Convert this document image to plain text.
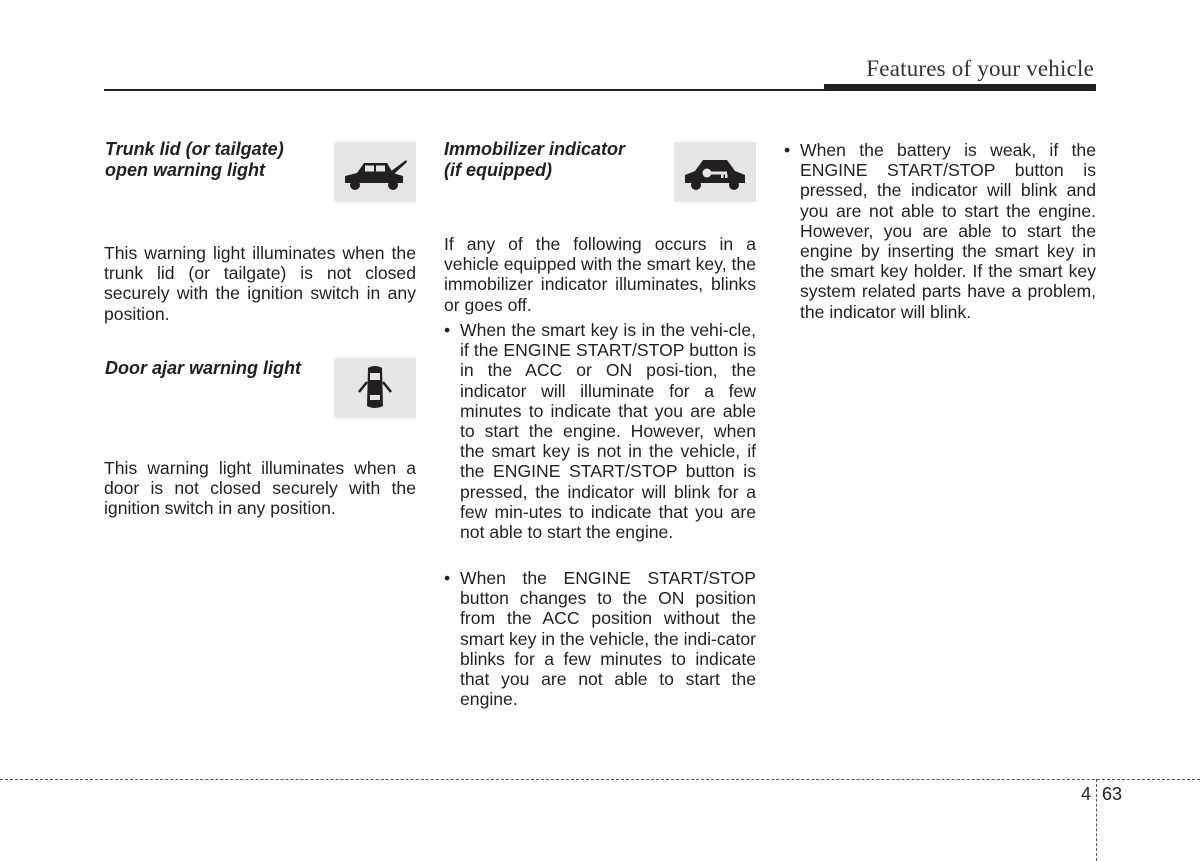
Features of your vehicle
Trunk lid (or tailgate)
open warning light

This warning light illuminates when the trunk lid (or tailgate) is not closed securely with the ignition switch in any position.

Door ajar warning light

This warning light illuminates when a door is not closed securely with the ignition switch in any position.

Immobilizer indicator
(if equipped)

If any of the following occurs in a vehicle equipped with the smart key, the immobilizer indicator illuminates, blinks or goes off.

• When the smart key is in the vehi-cle, if the ENGINE START/STOP button is in the ACC or ON posi-tion, the indicator will illuminate for a few minutes to indicate that you are able to start the engine. However, when the smart key is not in the vehicle, if the ENGINE START/STOP button is pressed, the indicator will blink for a few min-utes to indicate that you are not able to start the engine.
• When the ENGINE START/STOP button changes to the ON position from the ACC position without the smart key in the vehicle, the indi-cator blinks for a few minutes to indicate that you are not able to start the engine.
• When the battery is weak, if the ENGINE START/STOP button is pressed, the indicator will blink and you are not able to start the engine. However, you are able to start the engine by inserting the smart key in the smart key holder. If the smart key system related parts have a problem, the indicator will blink.
4 63
